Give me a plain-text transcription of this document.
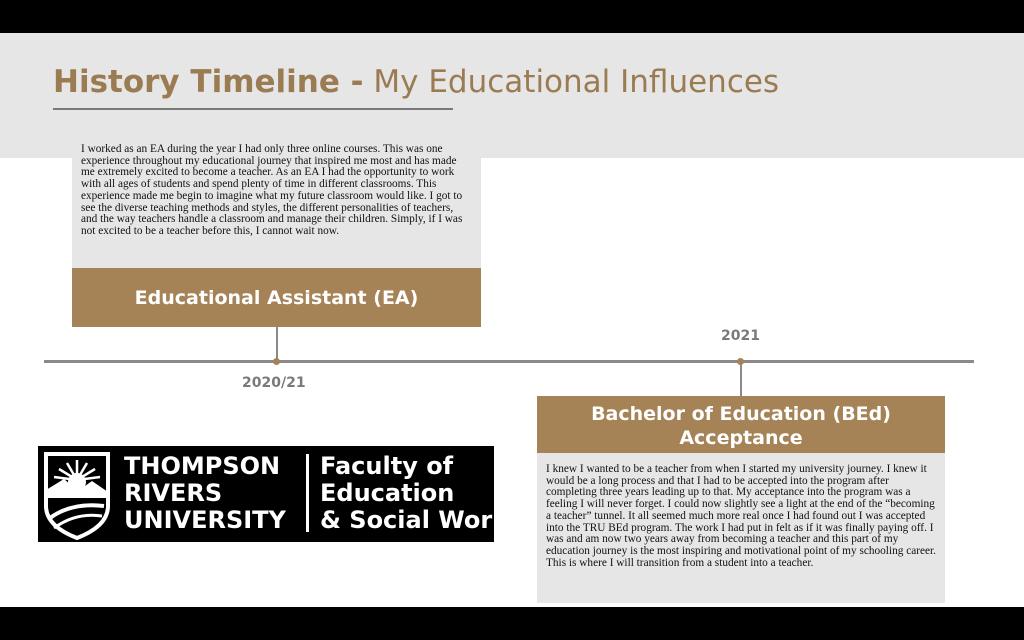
History Timeline - My Educational Influences
I worked as an EA during the year I had only three online courses. This was one experience throughout my educational journey that inspired me most and has made me extremely excited to become a teacher. As an EA I had the opportunity to work with all ages of students and spend plenty of time in different classrooms. This experience made me begin to imagine what my future classroom would like. I got to see the diverse teaching methods and styles, the different personalities of teachers, and the way teachers handle a classroom and manage their children. Simply, if I was not excited to be a teacher before this, I cannot wait now.
Educational Assistant (EA)
2020/21
2021
Bachelor of Education (BEd) Acceptance
I knew I wanted to be a teacher from when I started my university journey. I knew it would be a long process and that I had to be accepted into the program after completing three years leading up to that. My acceptance into the program was a feeling I will never forget. I could now slightly see a light at the end of the “becoming a teacher” tunnel. It all seemed much more real once I had found out I was accepted into the TRU BEd program. The work I had put in felt as if it was finally paying off. I was and am now two years away from becoming a teacher and this part of my education journey is the most inspiring and motivational point of my schooling career. This is where I will transition from a student into a teacher.
THOMPSON
RIVERS
UNIVERSITY
Faculty of
Education
& Social Work
